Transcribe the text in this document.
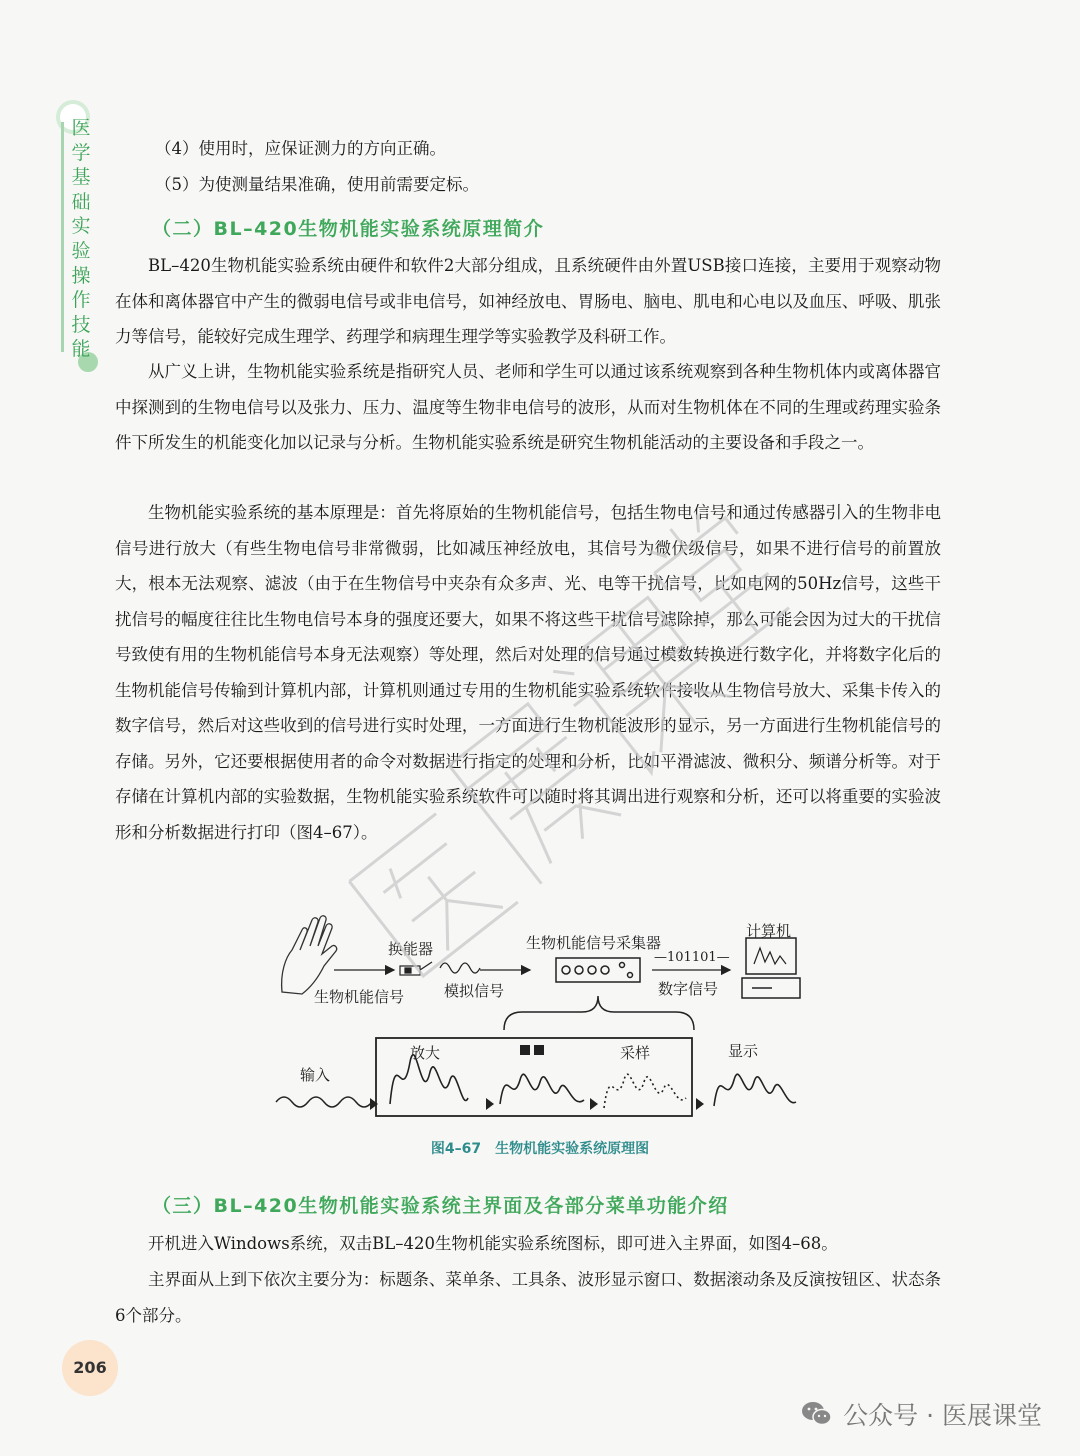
医学基础实验操作技能
（4）使用时，应保证测力的方向正确。
（5）为使测量结果准确，使用前需要定标。
（二）BL–420生物机能实验系统原理简介
BL–420生物机能实验系统由硬件和软件2大部分组成，且系统硬件由外置USB接口连接，主要用于观察动物在体和离体器官中产生的微弱电信号或非电信号，如神经放电、胃肠电、脑电、肌电和心电以及血压、呼吸、肌张力等信号，能较好完成生理学、药理学和病理生理学等实验教学及科研工作。
从广义上讲，生物机能实验系统是指研究人员、老师和学生可以通过该系统观察到各种生物机体内或离体器官中探测到的生物电信号以及张力、压力、温度等生物非电信号的波形，从而对生物机体在不同的生理或药理实验条件下所发生的机能变化加以记录与分析。生物机能实验系统是研究生物机能活动的主要设备和手段之一。
生物机能实验系统的基本原理是：首先将原始的生物机能信号，包括生物电信号和通过传感器引入的生物非电信号进行放大（有些生物电信号非常微弱，比如减压神经放电，其信号为微伏级信号，如果不进行信号的前置放大，根本无法观察、滤波（由于在生物信号中夹杂有众多声、光、电等干扰信号，比如电网的50Hz信号，这些干扰信号的幅度往往比生物电信号本身的强度还要大，如果不将这些干扰信号滤除掉，那么可能会因为过大的干扰信号致使有用的生物机能信号本身无法观察）等处理，然后对处理的信号通过模数转换进行数字化，并将数字化后的生物机能信号传输到计算机内部，计算机则通过专用的生物机能实验系统软件接收从生物信号放大、采集卡传入的数字信号，然后对这些收到的信号进行实时处理，一方面进行生物机能波形的显示，另一方面进行生物机能信号的存储。另外，它还要根据使用者的命令对数据进行指定的处理和分析，比如平滑滤波、微积分、频谱分析等。对于存储在计算机内部的实验数据，生物机能实验系统软件可以随时将其调出进行观察和分析，还可以将重要的实验波形和分析数据进行打印（图4–67）。
换能器	生物机能信号采集器
计算机
生物机能信号	模拟信号
—101101—
数字信号
输入
放大	采样	显示
图4–67　生物机能实验系统原理图
（三）BL–420生物机能实验系统主界面及各部分菜单功能介绍
开机进入Windows系统，双击BL–420生物机能实验系统图标，即可进入主界面，如图4–68。
主界面从上到下依次主要分为：标题条、菜单条、工具条、波形显示窗口、数据滚动条及反演按钮区、状态条6个部分。
206
公众号 · 医展课堂
